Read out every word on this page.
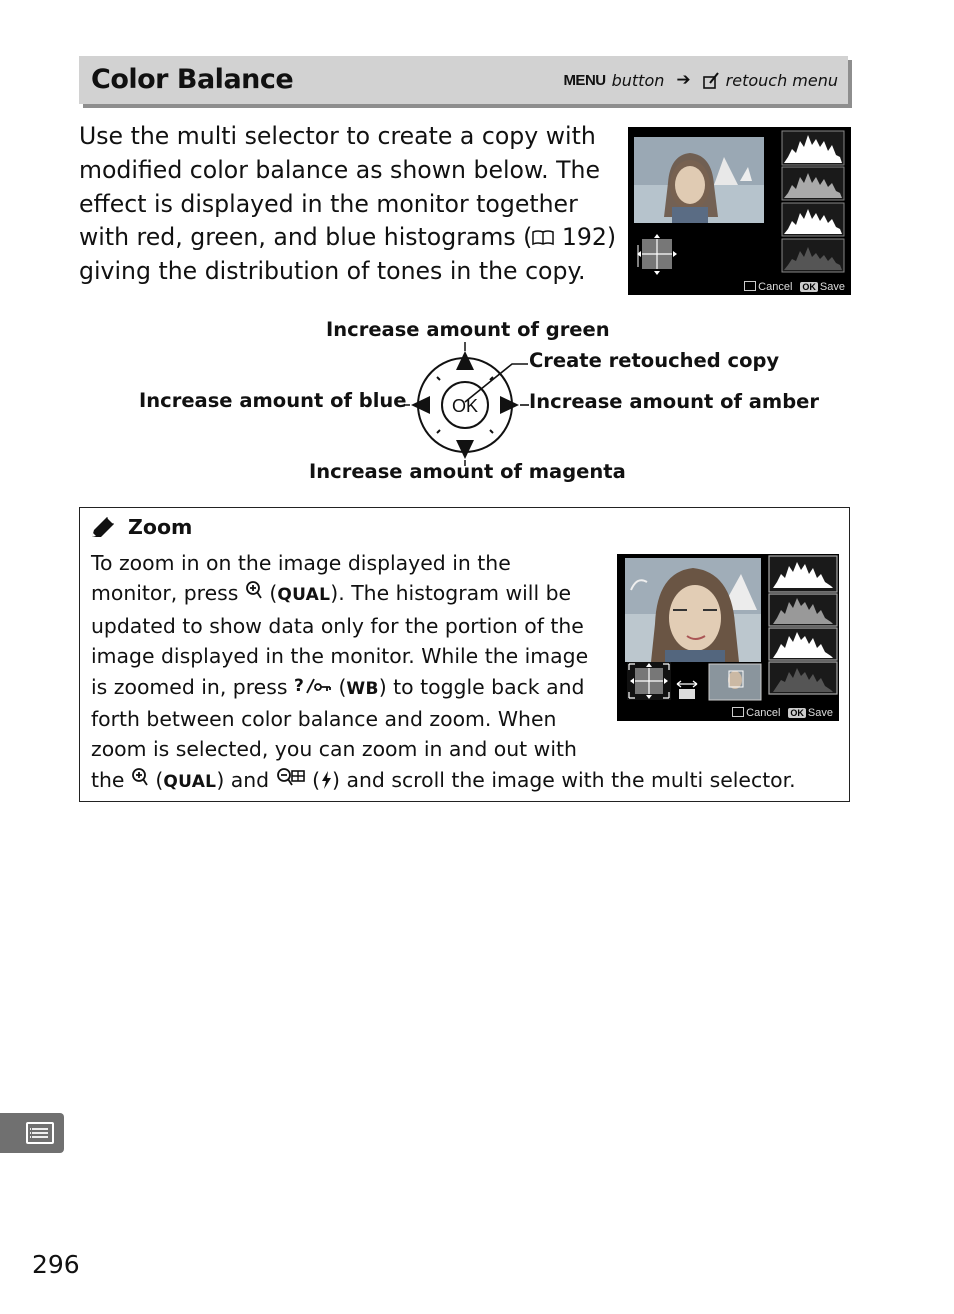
Color Balance	MENU button ➔ retouch menu

Use the multi selector to create a copy with

modified color balance as shown below. The

effect is displayed in the monitor together

with red, green, and blue histograms ( 192)

giving the distribution of tones in the copy.

Cancel OK Save
Increase amount of green
Create retouched copy
Increase amount of blue	Increase amount of amber
Increase amount of magenta
OK
Zoom

To zoom in on the image displayed in the

monitor, press  (QUAL). The histogram will be

updated to show data only for the portion of the

image displayed in the monitor. While the image

is zoomed in, press ? (WB) to toggle back and

forth between color balance and zoom. When

zoom is selected, you can zoom in and out with

the  (QUAL) and  ( ) and scroll the image with the multi selector.

Cancel OK Save
296
